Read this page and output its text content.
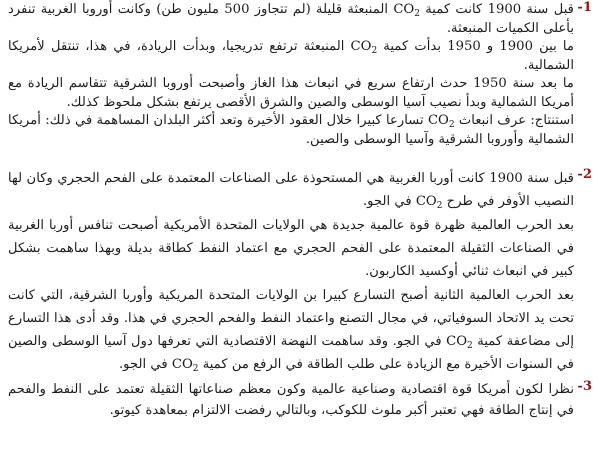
-1

قبل سنة 1900 كانت كمية $CO_2$ المنبعثة قليلة (لم تتجاوز 500 مليون طن) وكانت أوروبا الغربية تنفرد بأعلى الكميات المنبعثة.

ما بين 1900 و 1950 بدأت كمية $CO_2$ المنبعثة ترتفع تدريجيا، وبدأت الريادة، في هذا، تنتقل لأمريكا الشمالية.

ما بعد سنة 1950 حدث ارتفاع سريع في انبعاث هذا الغاز وأصبحت أوروبا الشرقية تتقاسم الريادة مع أمريكا الشمالية وبدأ نصيب آسيا الوسطى والصين والشرق الأقصى يرتفع بشكل ملحوظ كذلك.

استنتاج: عرف انبعاث $CO_2$ تسارعا كبيرا خلال العقود الأخيرة وتعد أكثر البلدان المساهمة في ذلك: أمريكا الشمالية وأوروبا الشرقية وآسيا الوسطى والصين.

-2

قبل سنة 1900 كانت أوربا الغربية هي المستحوذة على الصناعات المعتمدة على الفحم الحجري وكان لها النصيب الأوفر في طرح $CO_2$ في الجو.

بعد الحرب العالمية ظهرة قوة عالمية جديدة هي الولايات المتحدة الأمريكية أصبحت تنافس أوربا الغربية في الصناعات الثقيلة المعتمدة على الفحم الحجري مع اعتماد النفط كطاقة بديلة وبهذا ساهمت بشكل كبير في انبعاث ثنائي أوكسيد الكاربون.

بعد الحرب العالمية الثانية أصبح التسارع كبيرا بن الولايات المتحدة المريكية وأوربا الشرقية، التي كانت تحت يد الاتحاد السوفياتي، في مجال التصنع واعتماد النفط والفحم الحجري في هذا. وقد أدى هذا التسارع إلى مضاعفة كمية $CO_2$ في الجو. وقد ساهمت النهضة الاقتصادية التي تعرفها دول آسيا الوسطى والصين في السنوات الأخيرة مع الزيادة على طلب الطاقة في الرفع من كمية $CO_2$ في الجو.

-3

نظرا لكون أمريكا قوة اقتصادية وصناعية عالمية وكون معظم صناعاتها الثقيلة تعتمد على النفط والفحم في إنتاج الطاقة فهي تعتبر أكبر ملوث للكوكب، وبالتالي رفضت الالتزام بمعاهدة كيوتو.
